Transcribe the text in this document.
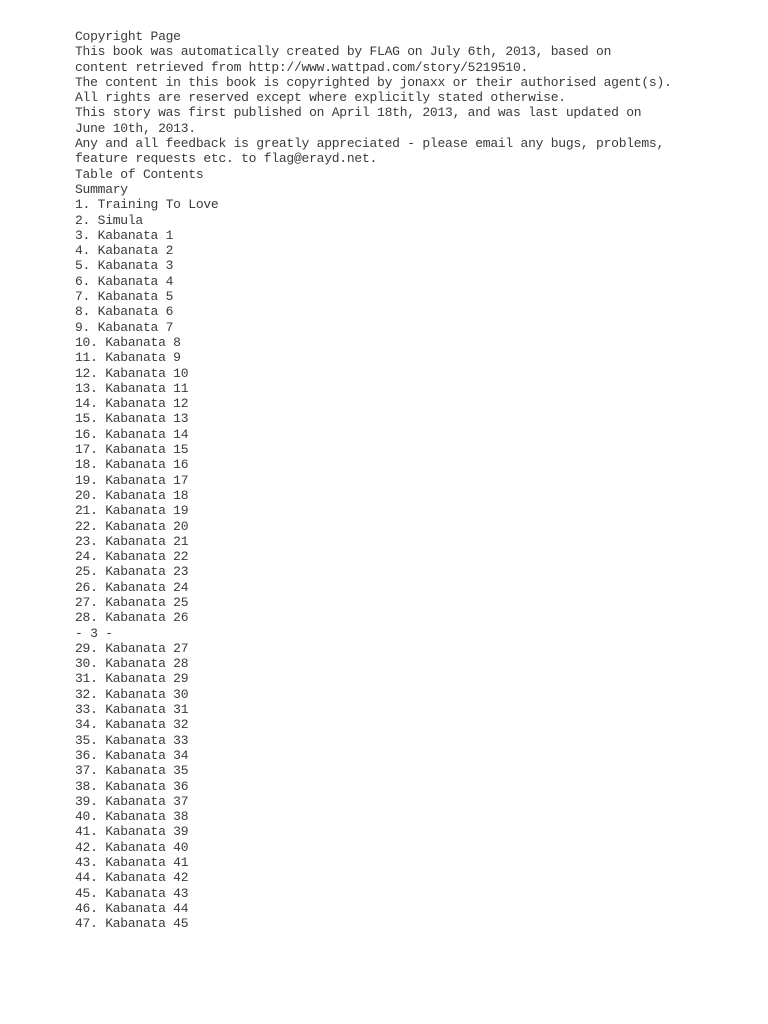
Copyright Page
This book was automatically created by FLAG on July 6th, 2013, based on
content retrieved from http://www.wattpad.com/story/5219510.
The content in this book is copyrighted by jonaxx or their authorised agent(s).
All rights are reserved except where explicitly stated otherwise.
This story was first published on April 18th, 2013, and was last updated on
June 10th, 2013.
Any and all feedback is greatly appreciated - please email any bugs, problems,
feature requests etc. to flag@erayd.net.
Table of Contents
Summary
1. Training To Love
2. Simula
3. Kabanata 1
4. Kabanata 2
5. Kabanata 3
6. Kabanata 4
7. Kabanata 5
8. Kabanata 6
9. Kabanata 7
10. Kabanata 8
11. Kabanata 9
12. Kabanata 10
13. Kabanata 11
14. Kabanata 12
15. Kabanata 13
16. Kabanata 14
17. Kabanata 15
18. Kabanata 16
19. Kabanata 17
20. Kabanata 18
21. Kabanata 19
22. Kabanata 20
23. Kabanata 21
24. Kabanata 22
25. Kabanata 23
26. Kabanata 24
27. Kabanata 25
28. Kabanata 26
- 3 -
29. Kabanata 27
30. Kabanata 28
31. Kabanata 29
32. Kabanata 30
33. Kabanata 31
34. Kabanata 32
35. Kabanata 33
36. Kabanata 34
37. Kabanata 35
38. Kabanata 36
39. Kabanata 37
40. Kabanata 38
41. Kabanata 39
42. Kabanata 40
43. Kabanata 41
44. Kabanata 42
45. Kabanata 43
46. Kabanata 44
47. Kabanata 45
